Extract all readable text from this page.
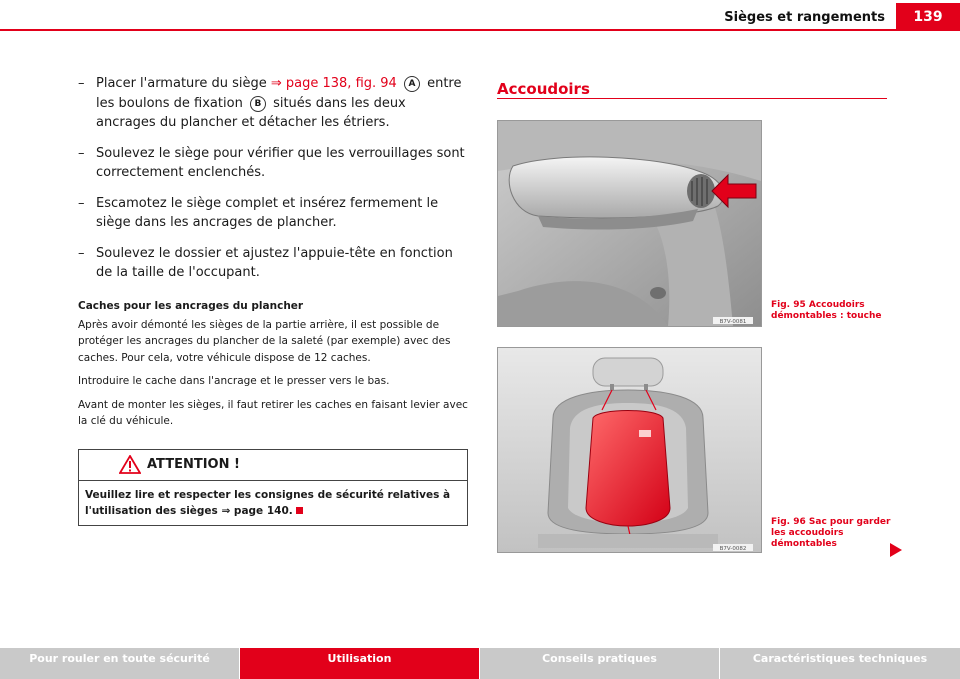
Sièges et rangements	139
– Placer l'armature du siège ⇒ page 138, fig. 94 A entre les boulons de fixation B situés dans les deux ancrages du plancher et détacher les étriers.
– Soulevez le siège pour vérifier que les verrouillages sont correctement enclenchés.
– Escamotez le siège complet et insérez fermement le siège dans les ancrages de plancher.
– Soulevez le dossier et ajustez l'appuie-tête en fonction de la taille de l'occupant.
Caches pour les ancrages du plancher

Après avoir démonté les sièges de la partie arrière, il est possible de protéger les ancrages du plancher de la saleté (par exemple) avec des caches. Pour cela, votre véhicule dispose de 12 caches.

Introduire le cache dans l'ancrage et le presser vers le bas.

Avant de monter les sièges, il faut retirer les caches en faisant levier avec la clé du véhicule.

ATTENTION !
Veuillez lire et respecter les consignes de sécurité relatives à l'utilisation des sièges ⇒ page 140.
Accoudoirs
B7V-0081
Fig. 95 Accoudoirs démontables : touche
B7V-0082
Fig. 96 Sac pour garder les accoudoirs démontables
Pour rouler en toute sécurité	Utilisation	Conseils pratiques	Caractéristiques techniques
